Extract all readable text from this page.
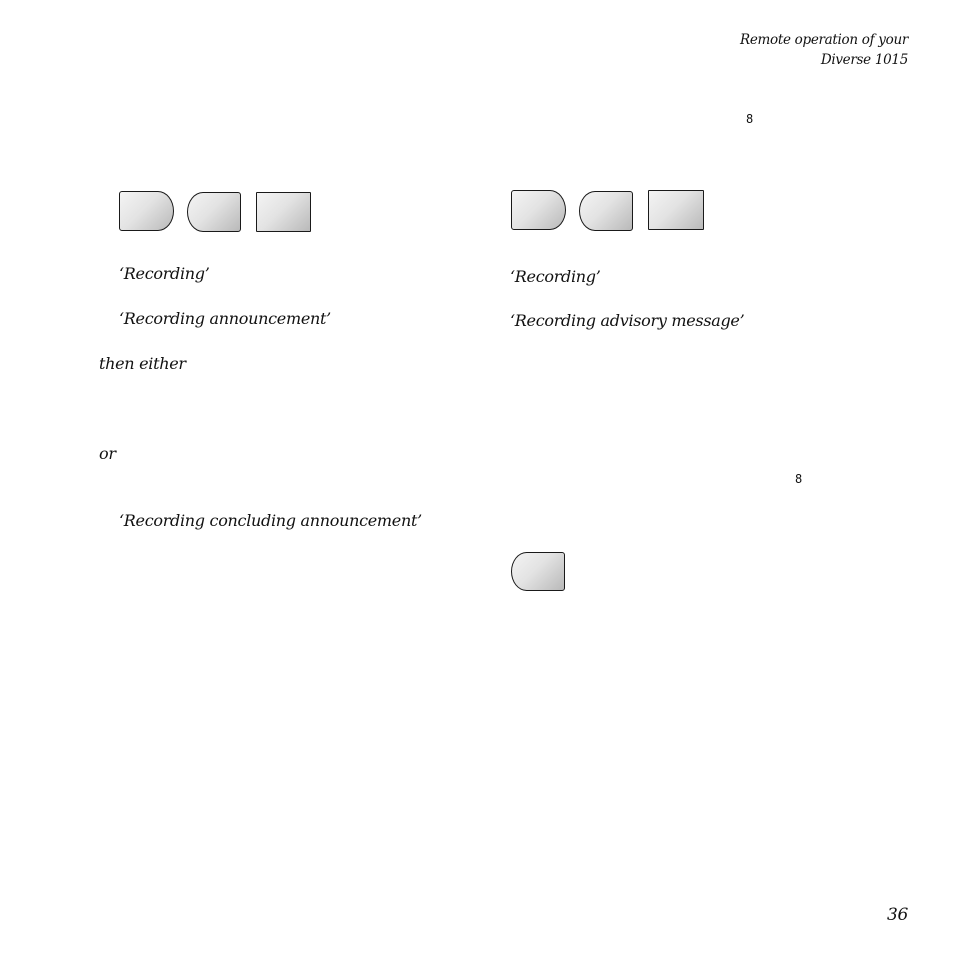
Remote operation of your
Diverse 1015
8
8
‘Recording’
‘Recording announcement’
then either
or
‘Recording concluding announcement’
‘Recording’
‘Recording advisory message’
36
